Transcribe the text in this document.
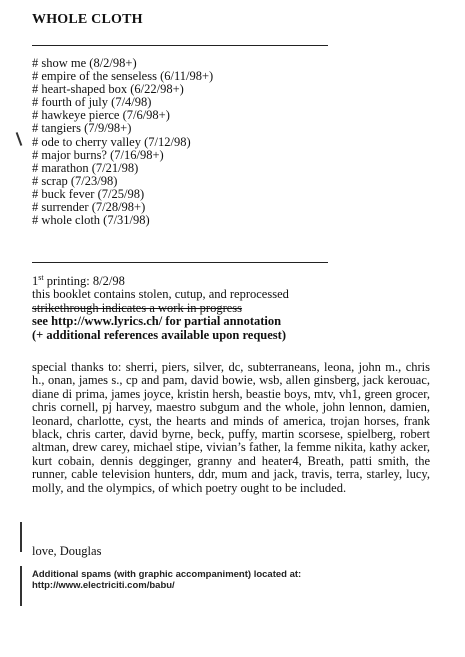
WHOLE CLOTH
# show me (8/2/98+)
# empire of the senseless (6/11/98+)
# heart-shaped box (6/22/98+)
# fourth of july (7/4/98)
# hawkeye pierce (7/6/98+)
# tangiers (7/9/98+)
# ode to cherry valley (7/12/98)
# major burns? (7/16/98+)
# marathon (7/21/98)
# scrap (7/23/98)
# buck fever (7/25/98)
# surrender (7/28/98+)
# whole cloth (7/31/98)
1st printing: 8/2/98
this booklet contains stolen, cutup, and reprocessed
strikethrough indicates a work in progress
see http://www.lyrics.ch/ for partial annotation
(+ additional references available upon request)
special thanks to: sherri, piers, silver, dc, subterraneans, leona, john m., chris h., onan, james s., cp and pam, david bowie, wsb, allen ginsberg, jack kerouac, diane di prima, james joyce, kristin hersh, beastie boys, mtv, vh1, green grocer, chris cornell, pj harvey, maestro subgum and the whole, john lennon, damien, leonard, charlotte, cyst, the hearts and minds of america, trojan horses, frank black, chris carter, david byrne, beck, puffy, martin scorsese, spielberg, robert altman, drew carey, michael stipe, vivian’s father, la femme nikita, kathy acker, kurt cobain, dennis degginger, granny and heater4, Breath, patti smith, the runner, cable television hunters, ddr, mum and jack, travis, terra, starley, lucy, molly, and the olympics, of which poetry ought to be included.
love, Douglas
Additional spams (with graphic accompaniment) located at:
http://www.electriciti.com/babu/
